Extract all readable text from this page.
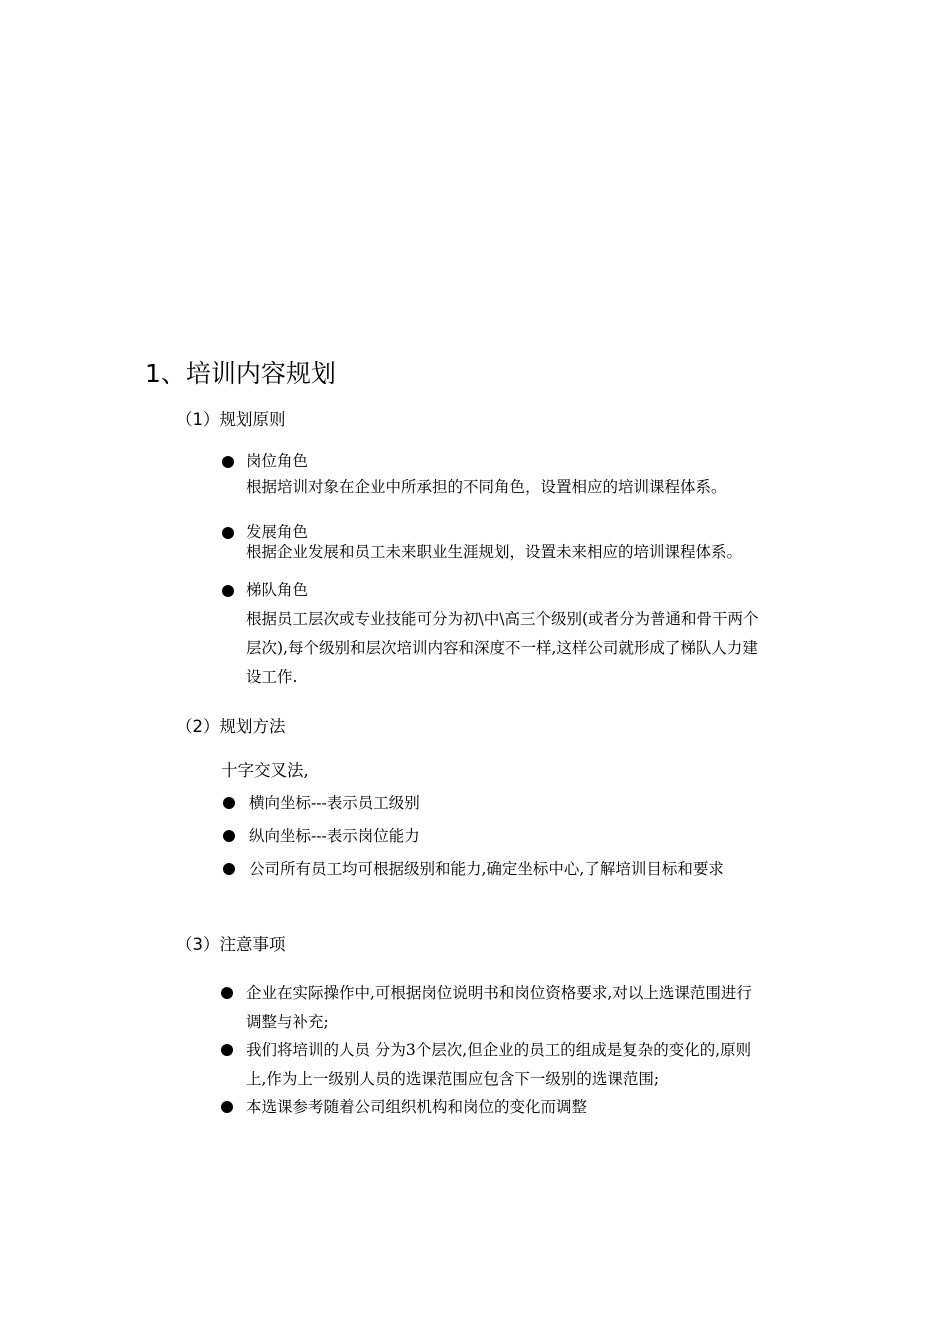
1、培训内容规划
（1）规划原则
岗位角色
根据培训对象在企业中所承担的不同角色，设置相应的培训课程体系。
发展角色
根据企业发展和员工未来职业生涯规划，设置未来相应的培训课程体系。
梯队角色
根据员工层次或专业技能可分为初\中\高三个级别(或者分为普通和骨干两个
层次),每个级别和层次培训内容和深度不一样,这样公司就形成了梯队人力建
设工作.
（2）规划方法
十字交叉法,
横向坐标---表示员工级别
纵向坐标---表示岗位能力
公司所有员工均可根据级别和能力,确定坐标中心,了解培训目标和要求
（3）注意事项
企业在实际操作中,可根据岗位说明书和岗位资格要求,对以上选课范围进行
调整与补充;
我们将培训的人员 分为3个层次,但企业的员工的组成是复杂的变化的,原则
上,作为上一级别人员的选课范围应包含下一级别的选课范围;
本选课参考随着公司组织机构和岗位的变化而调整
